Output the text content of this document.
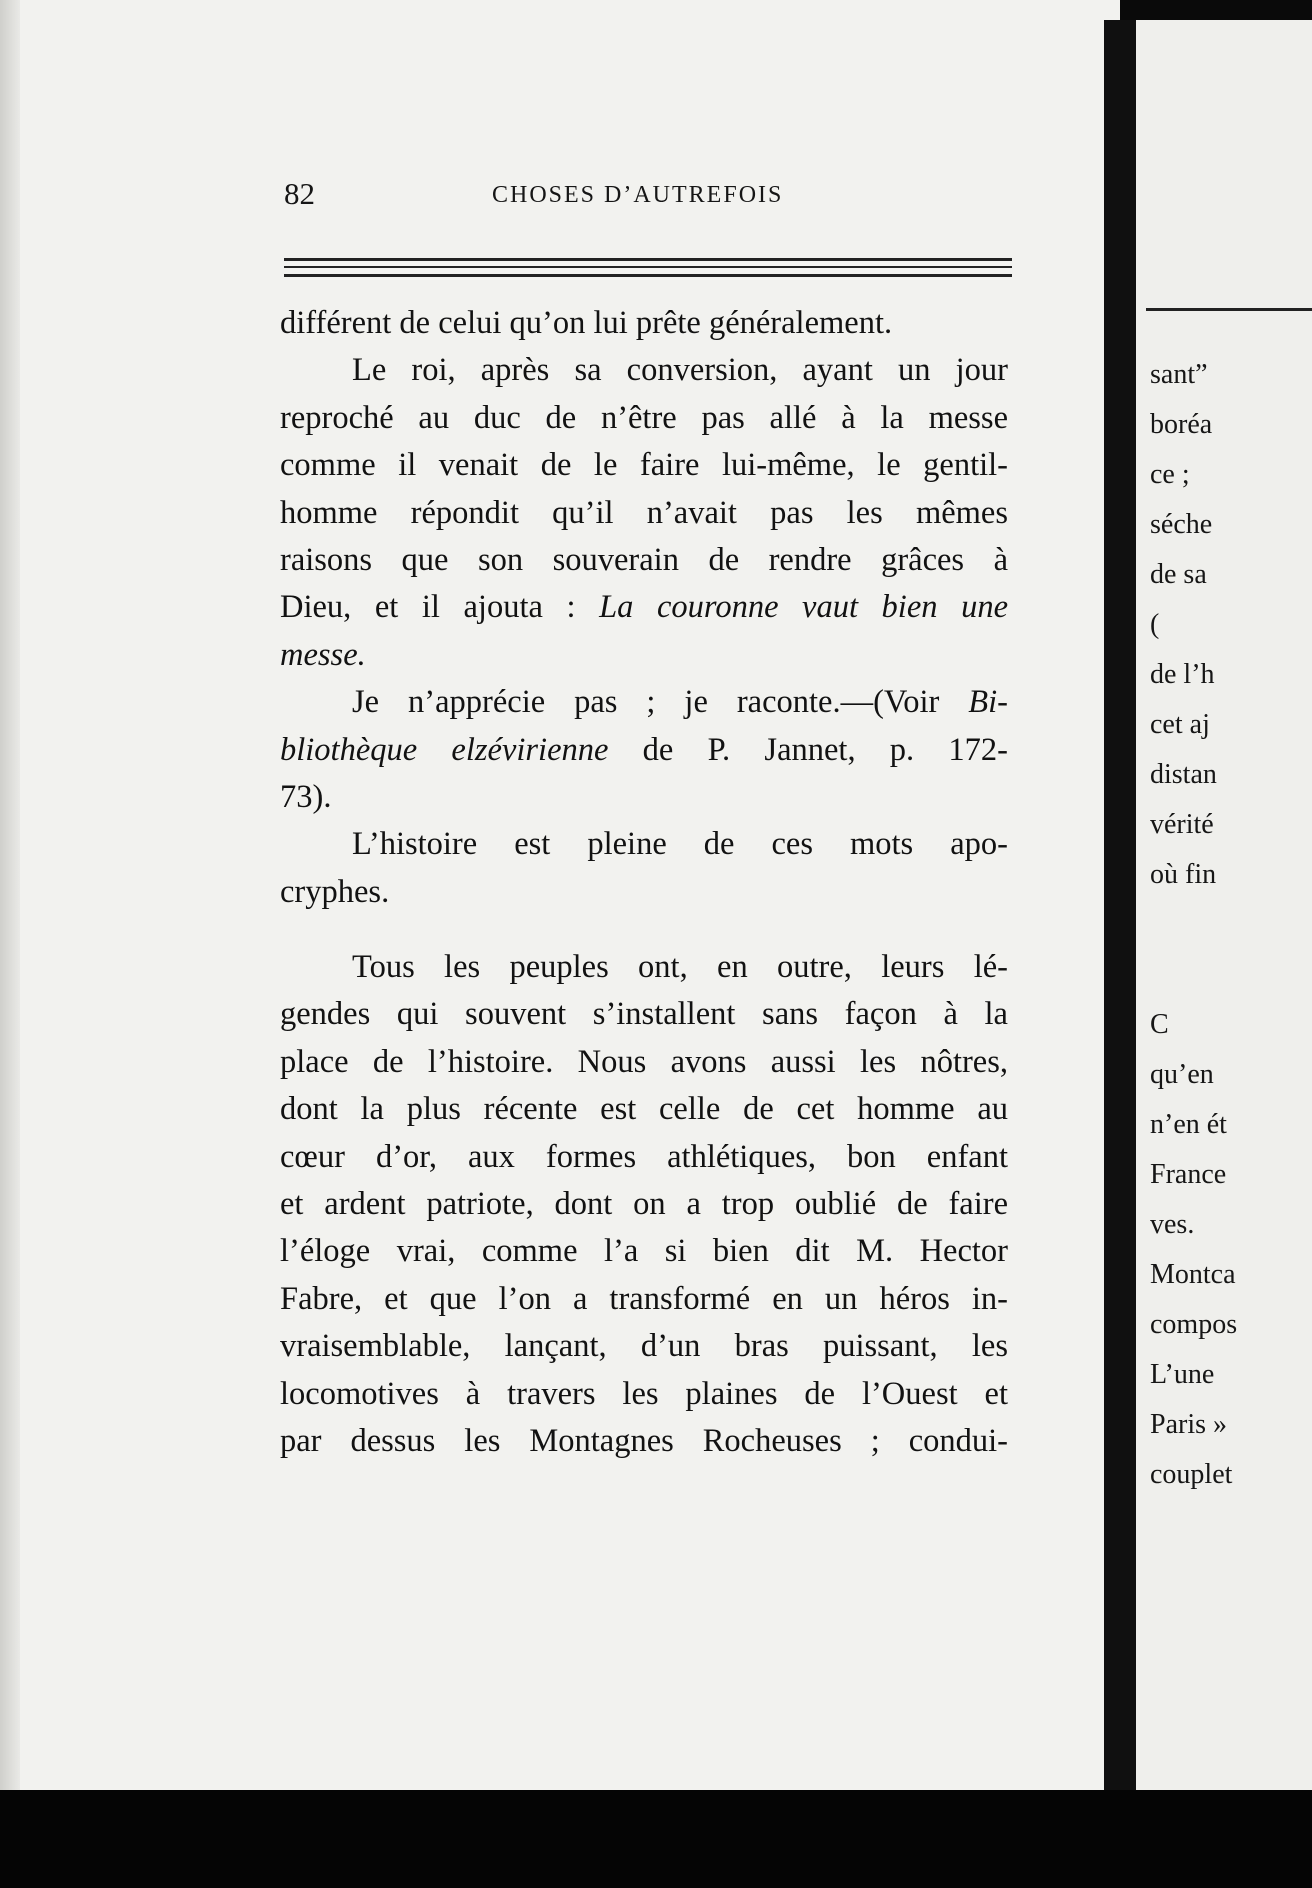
82	CHOSES D’AUTREFOIS
différent de celui qu’on lui prête généralement.
Le roi, après sa conversion, ayant un jour
reproché au duc de n’être pas allé à la messe
comme il venait de le faire lui-même, le gentil-
homme répondit qu’il n’avait pas les mêmes
raisons que son souverain de rendre grâces à
Dieu, et il ajouta : La couronne vaut bien une
messe.
Je n’apprécie pas ; je raconte.—(Voir Bi-
bliothèque elzévirienne de P. Jannet, p. 172-
73).
L’histoire est pleine de ces mots apo-
cryphes.
Tous les peuples ont, en outre, leurs lé-
gendes qui souvent s’installent sans façon à la
place de l’histoire. Nous avons aussi les nôtres,
dont la plus récente est celle de cet homme au
cœur d’or, aux formes athlétiques, bon enfant
et ardent patriote, dont on a trop oublié de faire
l’éloge vrai, comme l’a si bien dit M. Hector
Fabre, et que l’on a transformé en un héros in-
vraisemblable, lançant, d’un bras puissant, les
locomotives à travers les plaines de l’Ouest et
par dessus les Montagnes Rocheuses ; condui-
sant”
boréa
ce ;
séche
de sa
(
de l’h
cet aj
distan
vérité
où fin
C
qu’en
n’en ét
France
ves.
Montca
compos
L’une
Paris »
couplet
